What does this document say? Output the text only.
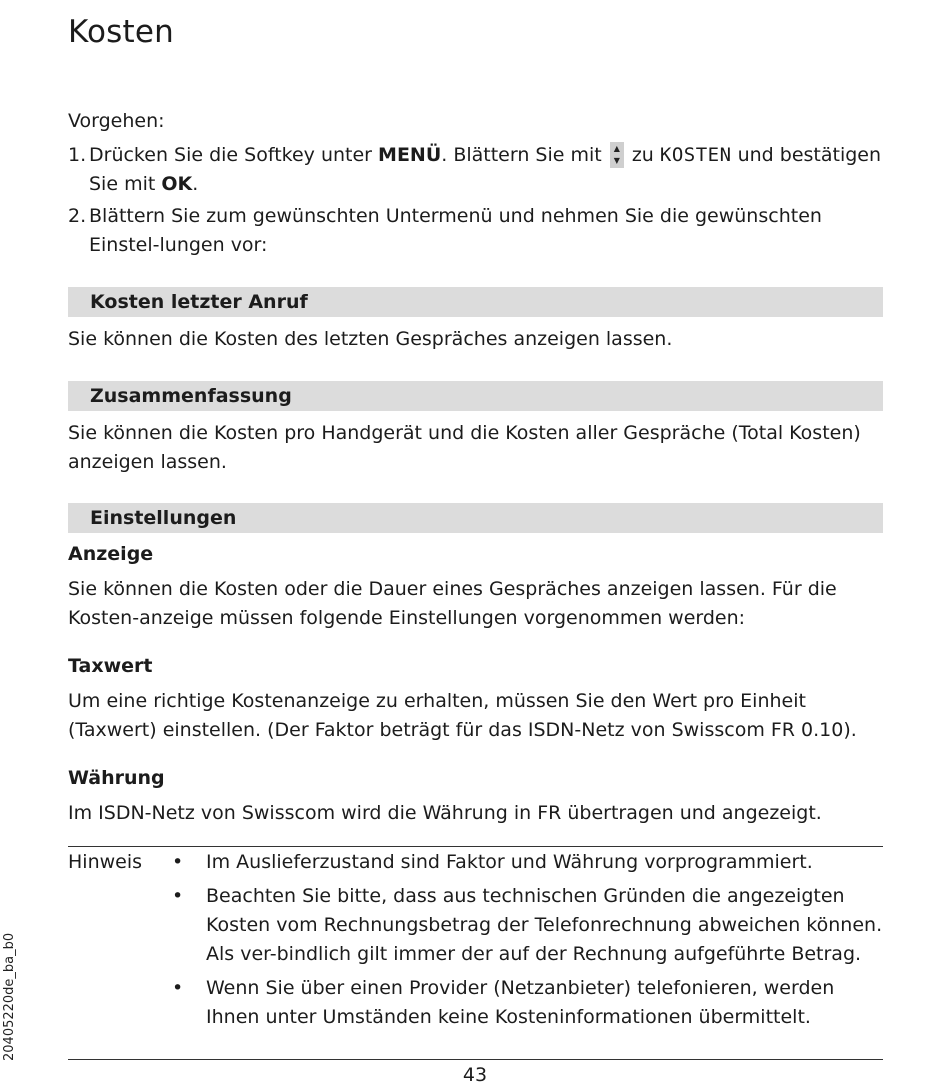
Kosten
Vorgehen:
1. Drücken Sie die Softkey unter MENÜ. Blättern Sie mit ▲
▼ zu KOSTEN und bestätigen Sie mit OK.
2. Blättern Sie zum gewünschten Untermenü und nehmen Sie die gewünschten Einstel-lungen vor:
Kosten letzter Anruf
Sie können die Kosten des letzten Gespräches anzeigen lassen.
Zusammenfassung
Sie können die Kosten pro Handgerät und die Kosten aller Gespräche (Total Kosten) anzeigen lassen.
Einstellungen
Anzeige
Sie können die Kosten oder die Dauer eines Gespräches anzeigen lassen. Für die Kosten-anzeige müssen folgende Einstellungen vorgenommen werden:
Taxwert
Um eine richtige Kostenanzeige zu erhalten, müssen Sie den Wert pro Einheit (Taxwert) einstellen. (Der Faktor beträgt für das ISDN-Netz von Swisscom FR 0.10).
Währung
Im ISDN-Netz von Swisscom wird die Währung in FR übertragen und angezeigt.
Hinweis •	Im Auslieferzustand sind Faktor und Währung vorprogrammiert.
•	Beachten Sie bitte, dass aus technischen Gründen die angezeigten Kosten vom Rechnungsbetrag der Telefonrechnung abweichen können. Als ver-bindlich gilt immer der auf der Rechnung aufgeführte Betrag.
•	Wenn Sie über einen Provider (Netzanbieter) telefonieren, werden Ihnen unter Umständen keine Kosteninformationen übermittelt.
20405220de_ba_b0
43
